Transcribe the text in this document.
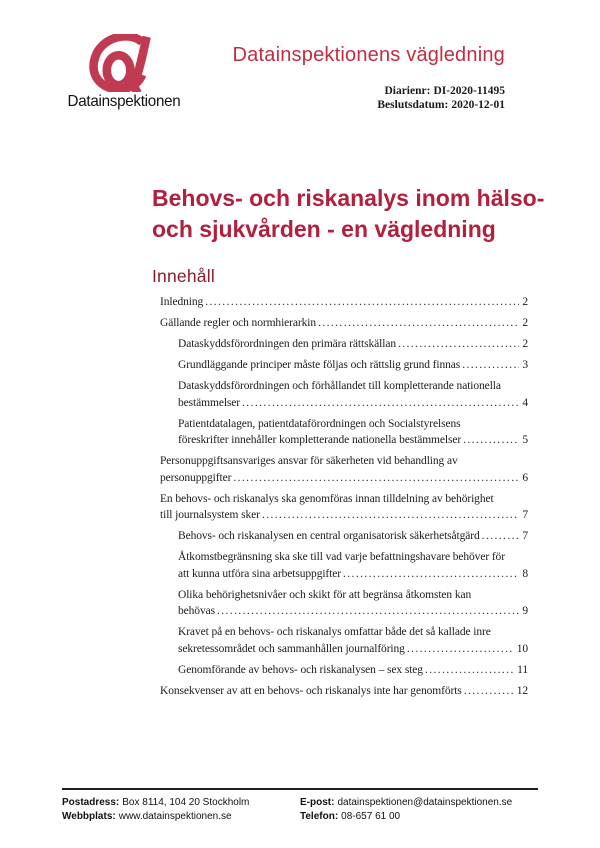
Datainspektionen
Datainspektionens vägledning
Diarienr: DI-2020-11495
Beslutsdatum: 2020-12-01
Behovs- och riskanalys inom hälso-
och sjukvården - en vägledning
Innehåll
Inledning .....	2
Gällande regler och normhierarkin .....	2
Dataskyddsförordningen den primära rättskällan .....	2
Grundläggande principer måste följas och rättslig grund finnas .....	3
Dataskyddsförordningen och förhållandet till kompletterande nationella
bestämmelser .....	4
Patientdatalagen, patientdataförordningen och Socialstyrelsens
föreskrifter innehåller kompletterande nationella bestämmelser .....	5
Personuppgiftsansvariges ansvar för säkerheten vid behandling av
personuppgifter .....	6
En behovs- och riskanalys ska genomföras innan tilldelning av behörighet
till journalsystem sker .....	7
Behovs- och riskanalysen en central organisatorisk säkerhetsåtgärd .....	7
Åtkomstbegränsning ska ske till vad varje befattningshavare behöver för
att kunna utföra sina arbetsuppgifter .....	8
Olika behörighetsnivåer och skikt för att begränsa åtkomsten kan
behövas .....	9
Kravet på en behovs- och riskanalys omfattar både det så kallade inre
sekretessområdet och sammanhållen journalföring .....	10
Genomförande av behovs- och riskanalysen – sex steg .....	11
Konsekvenser av att en behovs- och riskanalys inte har genomförts .....	12
Postadress: Box 8114, 104 20 Stockholm
Webbplats: www.datainspektionen.se
E-post: datainspektionen@datainspektionen.se
Telefon: 08-657 61 00
